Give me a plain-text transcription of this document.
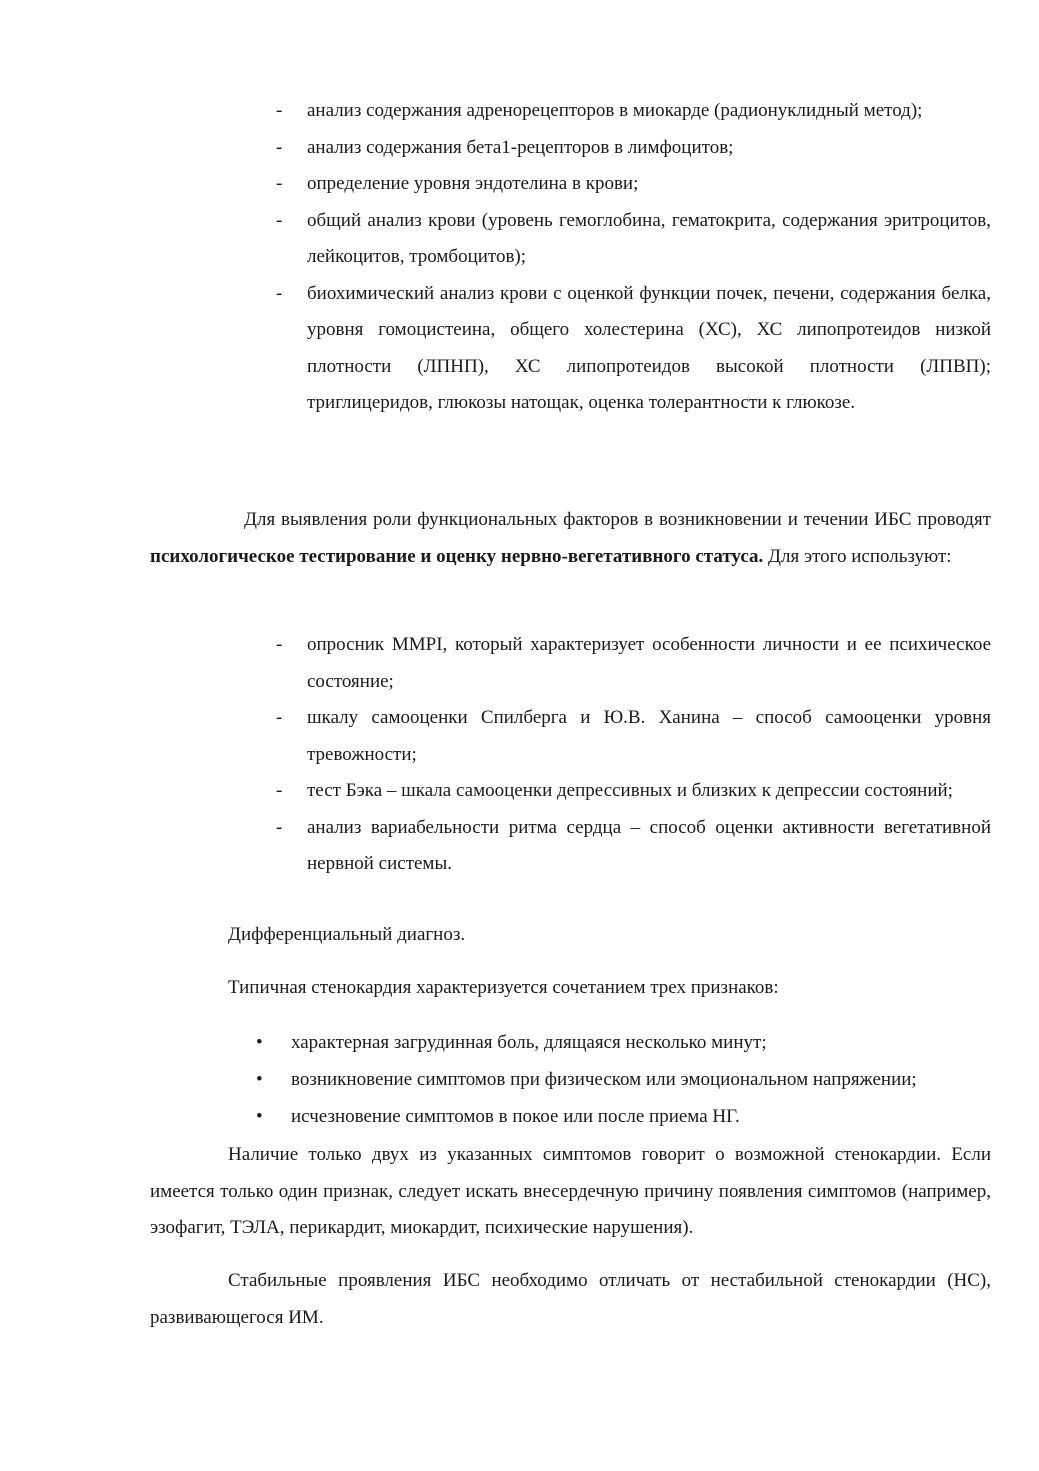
- анализ содержания адренорецепторов в миокарде (радионуклидный метод);
- анализ содержания бета1-рецепторов в лимфоцитов;
- определение уровня эндотелина в крови;
- общий анализ крови (уровень гемоглобина, гематокрита, содержания эритроцитов, лейкоцитов, тромбоцитов);
- биохимический анализ крови с оценкой функции почек, печени, содержания белка, уровня гомоцистеина, общего холестерина (ХС), ХС липопротеидов низкой плотности (ЛПНП), ХС липопротеидов высокой плотности (ЛПВП); триглицеридов, глюкозы натощак, оценка толерантности к глюкозе.

Для выявления роли функциональных факторов в возникновении и течении ИБС проводят психологическое тестирование и оценку нервно-вегетативного статуса. Для этого используют:

- опросник MMPI, который характеризует особенности личности и ее психическое состояние;
- шкалу самооценки Спилберга и Ю.В. Ханина – способ самооценки уровня тревожности;
- тест Бэка – шкала самооценки депрессивных и близких к депрессии состояний;
- анализ вариабельности ритма сердца – способ оценки активности вегетативной нервной системы.

Дифференциальный диагноз.

Типичная стенокардия характеризуется сочетанием трех признаков:

• характерная загрудинная боль, длящаяся несколько минут;
• возникновение симптомов при физическом или эмоциональном напряжении;
• исчезновение симптомов в покое или после приема НГ.

Наличие только двух из указанных симптомов говорит о возможной стенокардии. Если имеется только один признак, следует искать внесердечную причину появления симптомов (например, эзофагит, ТЭЛА, перикардит, миокардит, психические нарушения).

Стабильные проявления ИБС необходимо отличать от нестабильной стенокардии (НС), развивающегося ИМ.
